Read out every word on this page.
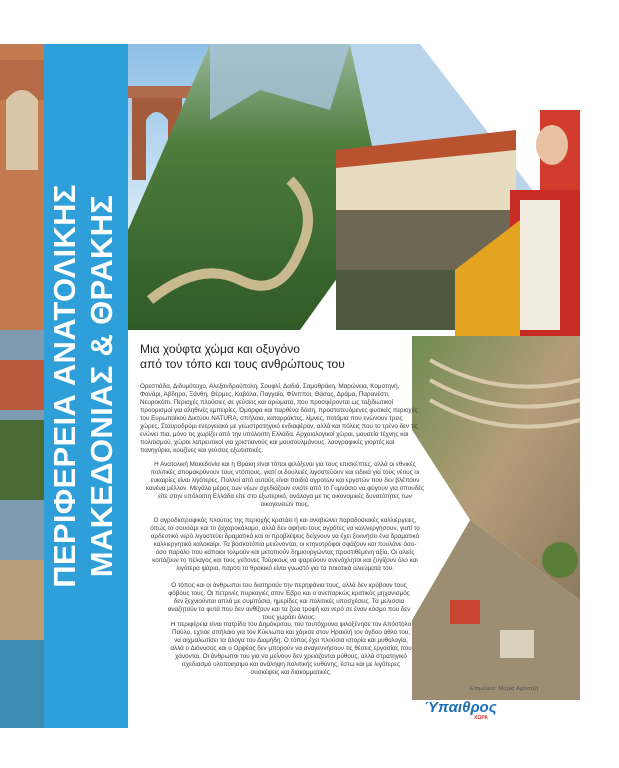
ΠΕΡΙΦΕΡΕΙΑ ΑΝΑΤΟΛΙΚΗΣ ΜΑΚΕΔΟΝΙΑΣ & ΘΡΑΚΗΣ
28 Ιουνίου 2024
Μια χούφτα χώμα και οξυγόνο
από τον τόπο και τους ανθρώπους του
Ορεστιάδα, Διδυμότειχο, Αλεξανδρούπολη, Σουφλί, Δαδιά, Σαμοθράκη, Μαρώνεια, Κομοτηνή, Φανάρι, Άβδηρα, Ξάνθη, Θέρμες, Καβάλα, Παγγαίο, Φίλιπποι, Θάσος, Δράμα, Παρανέστι, Νευροκόπι. Περιοχές πλούσιες σε γεύσεις και αρώματα, που προσφέρονται ως ταξιδιωτικοί προορισμοί για αληθινές εμπειρίες. Όμορφα και παρθένα δάση, προστατευόμενες φυσικές περιοχές του Ευρωπαϊκού Δικτύου NATURA, σπήλαια, καταρράκτες, λίμνες, ποτάμια που ενώνουν τρεις χώρες. Σταυροδρόμι ενεργειακό με γεωστρατηγικό ενδιαφέρον, αλλά και πόλεις που το τρένο δεν τις ενώνει πια, μόνο τις χωρίζει από την υπόλοιπη Ελλάδα. Αρχαιολογικοί χώροι, μουσεία τέχνης και πολιτισμού, χώροι λατρευτικοί για χριστιανούς και μουσουλμάνους, λαογραφικές γιορτές και πανηγύρια, κουζίνες και γεύσεις εξωτιστικές.
Η Ανατολική Μακεδονία και η Θράκη είναι τόποι φιλόξενοι για τους επισκέπτες, αλλά οι εθνικές πολιτικές απομακρύνουν τους ντόπιους, γιατί οι δουλειές λιγοστεύουν και ειδικά για τους νέους οι ευκαιρίες είναι λιγότερες. Πολλοί από αυτούς είναι παιδιά αγροτών και εργατών που δεν βλέπουν κανένα μέλλον. Μεγάλο μέρος των νέων σχεδιάζουν ενιότε από το Γυμνάσιο να φύγουν για σπουδές είτε στην υπόλοιπη Ελλάδα είτε στο εξωτερικό, ανάλογα με τις οικονομικές δυνατότητες των οικογενειών τους.
Ο αγροδιατροφικός πλούτος της περιοχής κρατάει ή και αναβιώνει παραδοσιακές καλλιέργειες, όπως το σουσάμι και το ζαχαροκάλαμο, αλλά δεν αφήνει τους αγρότες να καλλιεργήσουν, γιατί το αρδευτικό νερό λιγοστεύει δραματικά και οι προβλέψεις δείχνουν να έχει ξεκινήσει ένα δραματικό καλλιεργητικό καλοκαίρι. Τα βοσκοτόπια μειώνονται, οι κτηνοτρόφοι σφάζουν και πουλάνε όσο-όσο παρόλο που κάποιοι τολμούν και μετοπιούν δημιουργώντας προστιθέμενη αξία. Οι αλιείς κοιτάζουν το πέλαγος και τους γείτονες Τούρκους να ψαρεύουν ανενόχλητοι και ζυγίζουν όλο και λιγότερα ψάρια, παρότι το θρακικό είναι γνωστό για τα ποιοτικά αλιεύματά του.
Ο τόπος και οι άνθρωποι του διατηρούν την περηφάνια τους, αλλά δεν κρύβουν τους φόβους τους. Οι πετρινές πυρκαγιές στον Έβρο και ο ανεπαρκώς κρατικός μηχανισμός δεν ξεχνιούνται απλά με συμπόσια, ημερίδες και πολιτικές υποσχέσεις. Τα μελισσια αναζητούν τα φυτά που δεν ανθίζουν και τα ζώα τροφή και νερό σε έναν κόσμο που δεν τους χωράει όλους.
Η περιφέρεια είναι πατρίδα του Δημόκριτου, του ταυτόχρονα φιλοξένησε τον Απόστολο Παύλο, εχτιοε σπήλαιο για τον Κύκλωπα και χάρισε στον Ηρακλή τον όγδοο άθλο του, να αιχμαλωτίσει τα άλογα του Διομήδη. Ο τόπος έχει πλούσια ιστορία και μυθολογία, αλλά ο Διόνυσος και ο Ορφέας δεν μπορούν να αναγεννήσουν τις θέσεις εργασίας που χάνονται. Οι άνθρωποι του για να μείνουν δεν χρειάζονται μύθους, αλλά στρατηγικό σχεδιασμό υλοποιησιμο και ανάληψη πολιτικής ευθύνης, έστω και με λιγότερες συσκέψεις και διακομματικές.
Επιμέλεια: Μαρία Αμπατζή
Ύπαιθρος
ΧΩΡΑ
